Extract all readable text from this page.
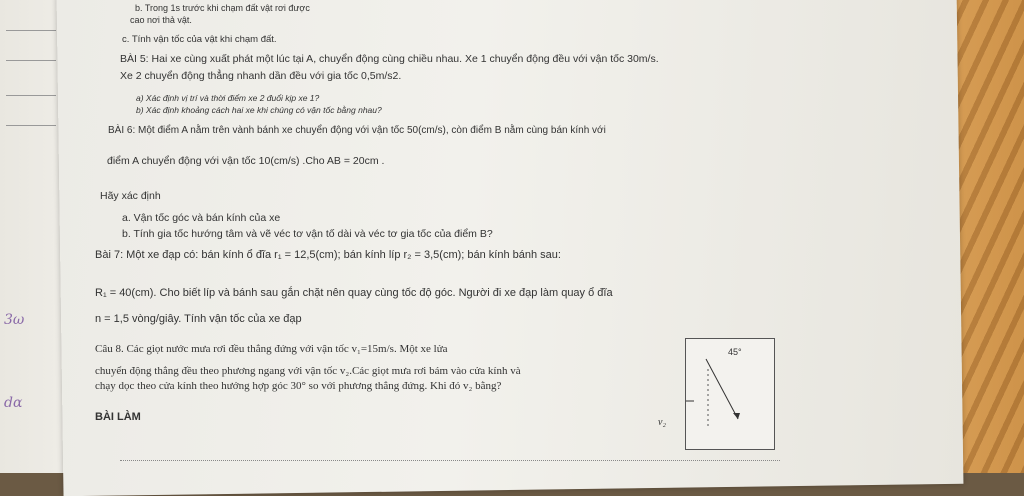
b. Trong 1s trước khi chạm đất vật rơi được
cao nơi thả vật.
c. Tính vận tốc của vật khi chạm đất.
BÀI 5: Hai xe cùng xuất phát một lúc tại A, chuyển động cùng chiều nhau. Xe 1 chuyển động đều với vận tốc 30m/s.
Xe 2 chuyển động thẳng nhanh dần đều với gia tốc 0,5m/s2.
a) Xác định vị trí và thời điểm xe 2 đuổi kịp xe 1?
b) Xác định khoảng cách hai xe khi chúng có vận tốc bằng nhau?
BÀI 6: Một điểm A nằm trên vành bánh xe chuyển động với vận tốc 50(cm/s), còn điểm B nằm cùng bán kính với
điểm A chuyển động với vận tốc 10(cm/s) .Cho AB = 20cm .
Hãy xác định
a. Vận tốc góc và bán kính của xe
b. Tính gia tốc hướng tâm và vẽ véc tơ vận tố dài và véc tơ gia tốc của điểm B?
Bài 7: Một xe đạp có: bán kính ổ đĩa r₁ = 12,5(cm); bán kính líp r₂ = 3,5(cm); bán kính bánh sau:
R₁ = 40(cm). Cho biết líp và bánh sau gắn chặt nên quay cùng tốc độ góc. Người đi xe đạp làm quay ổ đĩa
n = 1,5 vòng/giây. Tính vận tốc của xe đạp
Câu 8. Các giọt nước mưa rơi đều thẳng đứng với vận tốc v₁=15m/s. Một xe lửa
chuyển động thẳng đều theo phương ngang với vận tốc v₂.Các giọt mưa rơi bám vào cửa kính và
chạy dọc theo cửa kính theo hướng hợp góc 30° so với phương thẳng đứng. Khi đó v₂ bằng?
BÀI LÀM
3ω
dα
45°
v₂
